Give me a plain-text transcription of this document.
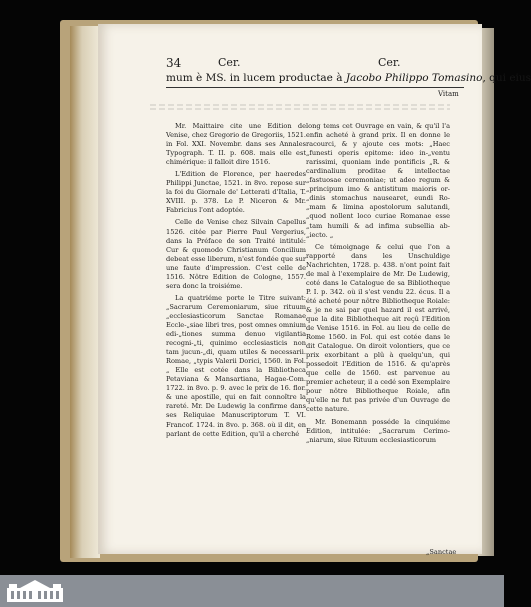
34	Cer.	Cer.
mum è MS. in lucem productae à Jacobo Philippo Tomasino, qui eius
Vitam

Mr. Maittaire cite une Edition de Venise, chez Gregorio de Gregoriis, 1521. in Fol. XXI. Novembr. dans ses Annales Typograph. T. II. p. 608. mais elle est chimérique: il falloit dire 1516.

L'Edition de Florence, per haeredes Philippi Junctae, 1521. in 8vo. repose sur la foi du Giornale de' Letterati d'Italia, T. XVIII. p. 378. Le P. Niceron & Mr. Fabricius l'ont adoptée.

Celle de Venise chez Silvain Capellus 1526. citée par Pierre Paul Vergerius, dans la Préface de son Traité intitulé: Cur & quomodo Christianum Concilium debeat esse liberum, n'est fondée que sur une faute d'impression. C'est celle de 1516. Nôtre Edition de Cologne, 1557. sera donc la troisiéme.

La quatriéme porte le Titre suivant: „Sacrarum Ceremoniarum, siue rituum „ecclesiasticorum Sanctae Romanae Eccle-„siae libri tres, post omnes omnium edi-„tiones summa denuo vigilantia recogni-„ti, quinimo ecclesiasticis non tam jucun-„di, quam utiles & necessarii. Romae, „typis Valerii Dorici, 1560. in Fol. „ Elle est cotée dans la Bibliotheca Petaviana & Mansartiana, Hagae-Com. 1722. in 8vo. p. 9. avec le prix de 16. flor. & une apostille, qui en fait connoître la rareté. Mr. De Ludewig la confirme dans ses Reliquiae Manuscriptorum T. VI. Francof. 1724. in 8vo. p. 368. où il dit, en parlant de cette Edition, qu'il a cherché

long tems cet Ouvrage en vain, & qu'il l'a enfin acheté à grand prix. Il en donne le racourci, & y ajoute ces mots: „Haec „funesti operis epitome: ideo in-„ventu rarissimi, quoniam inde pontificis „R. & cardinalium proditae & intellectae „fastuosae ceremoniae; ut adeo regum & „principum imo & antistitum maioris or-„dinis stomachus nausearet, eundi Ro-„mam & limina apostolorum salutandi, „quod nollent loco curiae Romanae esse „tam humili & ad infima subsellia ab-„iecto. „

Ce témoignage & celui que l'on a rapporté dans les Unschuldige Nachrichten, 1728. p. 438. n'ont point fait de mal à l'exemplaire de Mr. De Ludewig, coté dans le Catalogue de sa Bibliotheque P. I. p. 342. où il s'est vendu 22. écus. Il a été acheté pour nôtre Bibliotheque Roiale: & je ne sai par quel hazard il est arrivé, que la dite Bibliotheque ait reçû l'Edition de Venise 1516. in Fol. au lieu de celle de Rome 1560. in Fol. qui est cotée dans le dit Catalogue. On diroit volontiers, que ce prix exorbitant a plû à quelqu'un, qui possedoit l'Edition de 1516. & qu'après que celle de 1560. est parvenue au premier acheteur, il a cedé son Exemplaire pour nôtre Bibliotheque Roiale, afin qu'elle ne fut pas privée d'un Ouvrage de cette nature.

Mr. Bonemann posséde la cinquiéme Edition, intitulée: „Sacrarum Cerimo-„niarum, siue Rituum ecclesiasticorum

„Sanctae
